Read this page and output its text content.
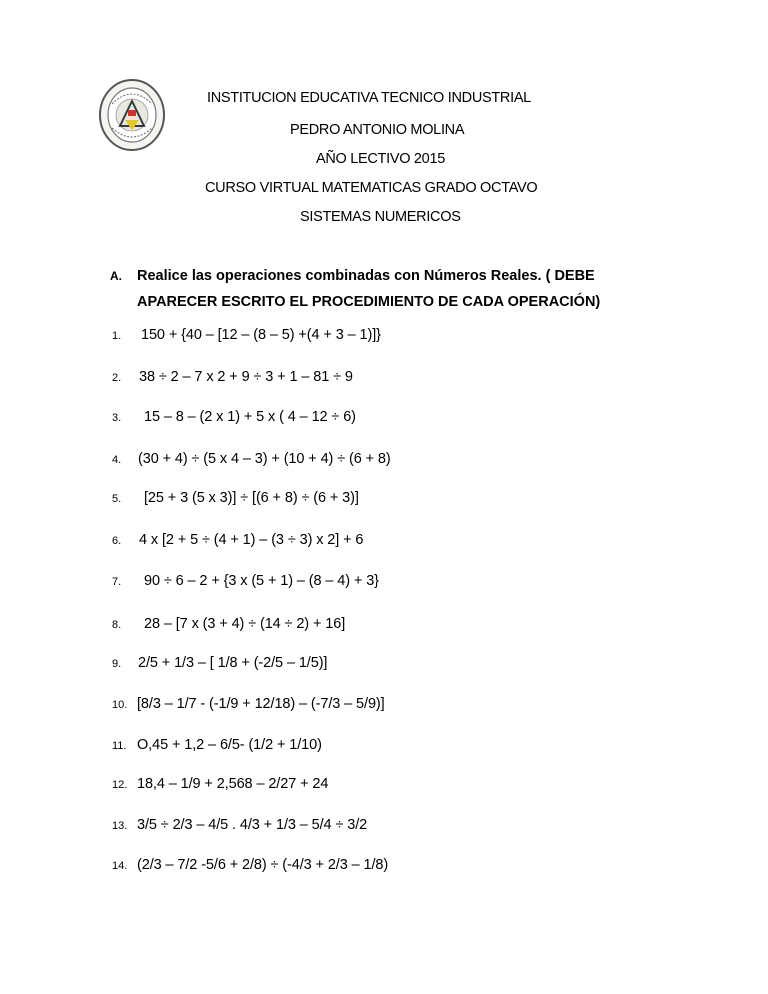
INSTITUCION EDUCATIVA TECNICO INDUSTRIAL
PEDRO ANTONIO MOLINA
AÑO LECTIVO 2015
CURSO VIRTUAL MATEMATICAS GRADO OCTAVO
SISTEMAS NUMERICOS
A. Realice las operaciones combinadas con Números Reales. ( DEBE APARECER ESCRITO EL PROCEDIMIENTO DE CADA OPERACIÓN)
1. 150 + {40 – [12 – (8 – 5) +(4 + 3 – 1)]}
2. 38 ÷ 2 – 7 x 2 + 9 ÷ 3 + 1 – 81 ÷ 9
3. 15 – 8 – (2 x 1) + 5 x ( 4 – 12 ÷ 6)
4. (30 + 4) ÷ (5 x 4 – 3) + (10 + 4) ÷ (6 + 8)
5. [25 + 3 (5 x 3)] ÷ [(6 + 8) ÷ (6 + 3)]
6. 4 x [2 + 5 ÷ (4 + 1) – (3 ÷ 3) x 2] + 6
7. 90 ÷ 6 – 2 + {3 x (5 + 1) – (8 – 4) + 3}
8. 28 – [7 x (3 + 4) ÷ (14 ÷ 2) + 16]
9. 2/5 + 1/3 – [ 1/8 + (-2/5 – 1/5)]
10. [8/3 – 1/7 - (-1/9 + 12/18) – (-7/3 – 5/9)]
11. O,45 + 1,2 – 6/5- (1/2 + 1/10)
12. 18,4 – 1/9 + 2,568 – 2/27 + 24
13. 3/5 ÷ 2/3 – 4/5 . 4/3 + 1/3 – 5/4 ÷ 3/2
14. (2/3 – 7/2 -5/6 + 2/8) ÷ (-4/3 + 2/3 – 1/8)
